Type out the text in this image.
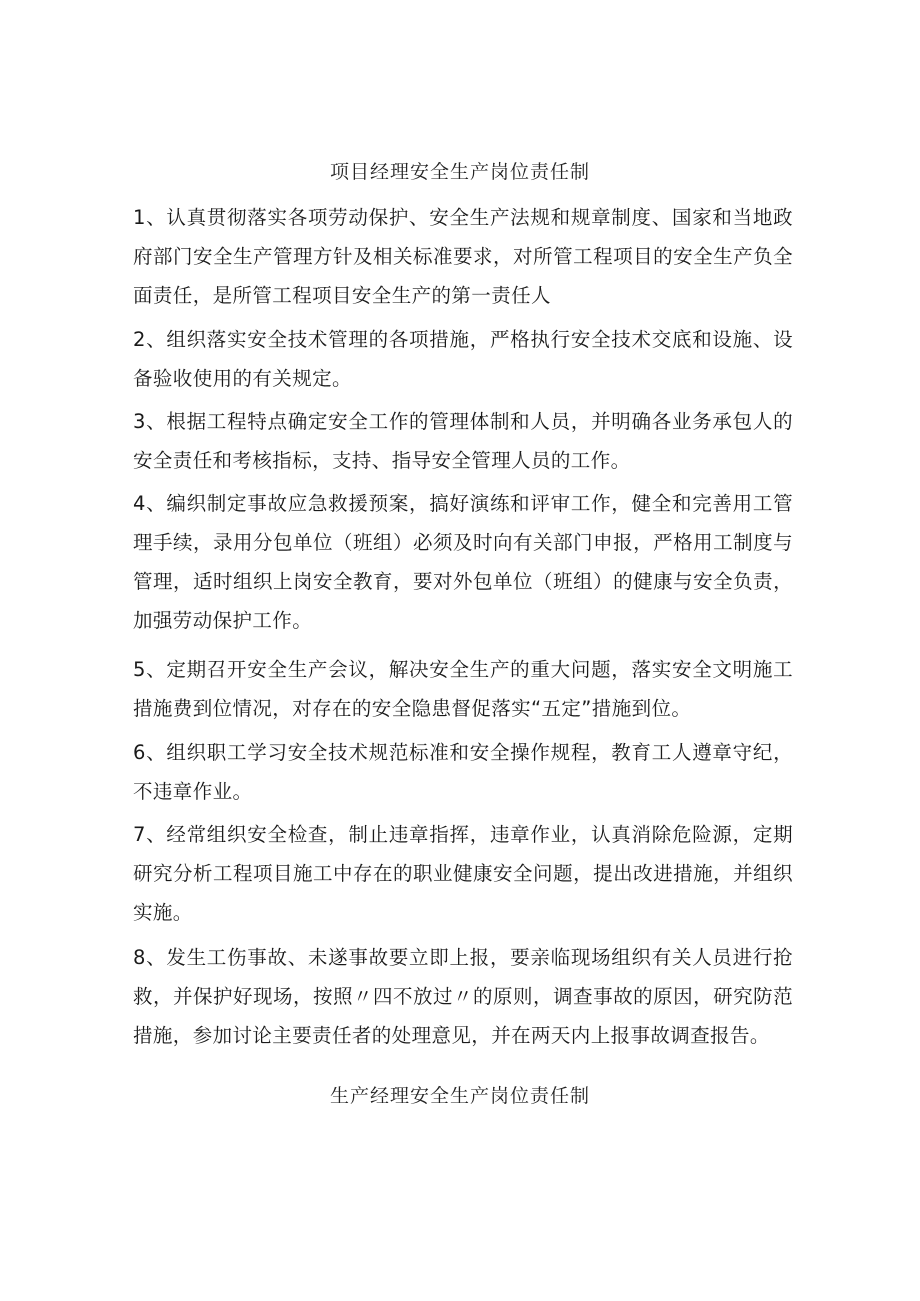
项目经理安全生产岗位责任制

1、认真贯彻落实各项劳动保护、安全生产法规和规章制度、国家和当地政府部门安全生产管理方针及相关标准要求，对所管工程项目的安全生产负全面责任，是所管工程项目安全生产的第一责任人

2、组织落实安全技术管理的各项措施，严格执行安全技术交底和设施、设备验收使用的有关规定。

3、根据工程特点确定安全工作的管理体制和人员，并明确各业务承包人的安全责任和考核指标，支持、指导安全管理人员的工作。

4、编织制定事故应急救援预案，搞好演练和评审工作，健全和完善用工管理手续，录用分包单位（班组）必须及时向有关部门申报，严格用工制度与管理，适时组织上岗安全教育，要对外包单位（班组）的健康与安全负责，加强劳动保护工作。

5、定期召开安全生产会议，解决安全生产的重大问题，落实安全文明施工措施费到位情况，对存在的安全隐患督促落实“五定”措施到位。

6、组织职工学习安全技术规范标准和安全操作规程，教育工人遵章守纪，不违章作业。

7、经常组织安全检查，制止违章指挥，违章作业，认真消除危险源，定期研究分析工程项目施工中存在的职业健康安全问题，提出改进措施，并组织实施。

8、发生工伤事故、未遂事故要立即上报，要亲临现场组织有关人员进行抢救，并保护好现场，按照〃四不放过〃的原则，调查事故的原因，研究防范措施，参加讨论主要责任者的处理意见，并在两天内上报事故调查报告。

生产经理安全生产岗位责任制
